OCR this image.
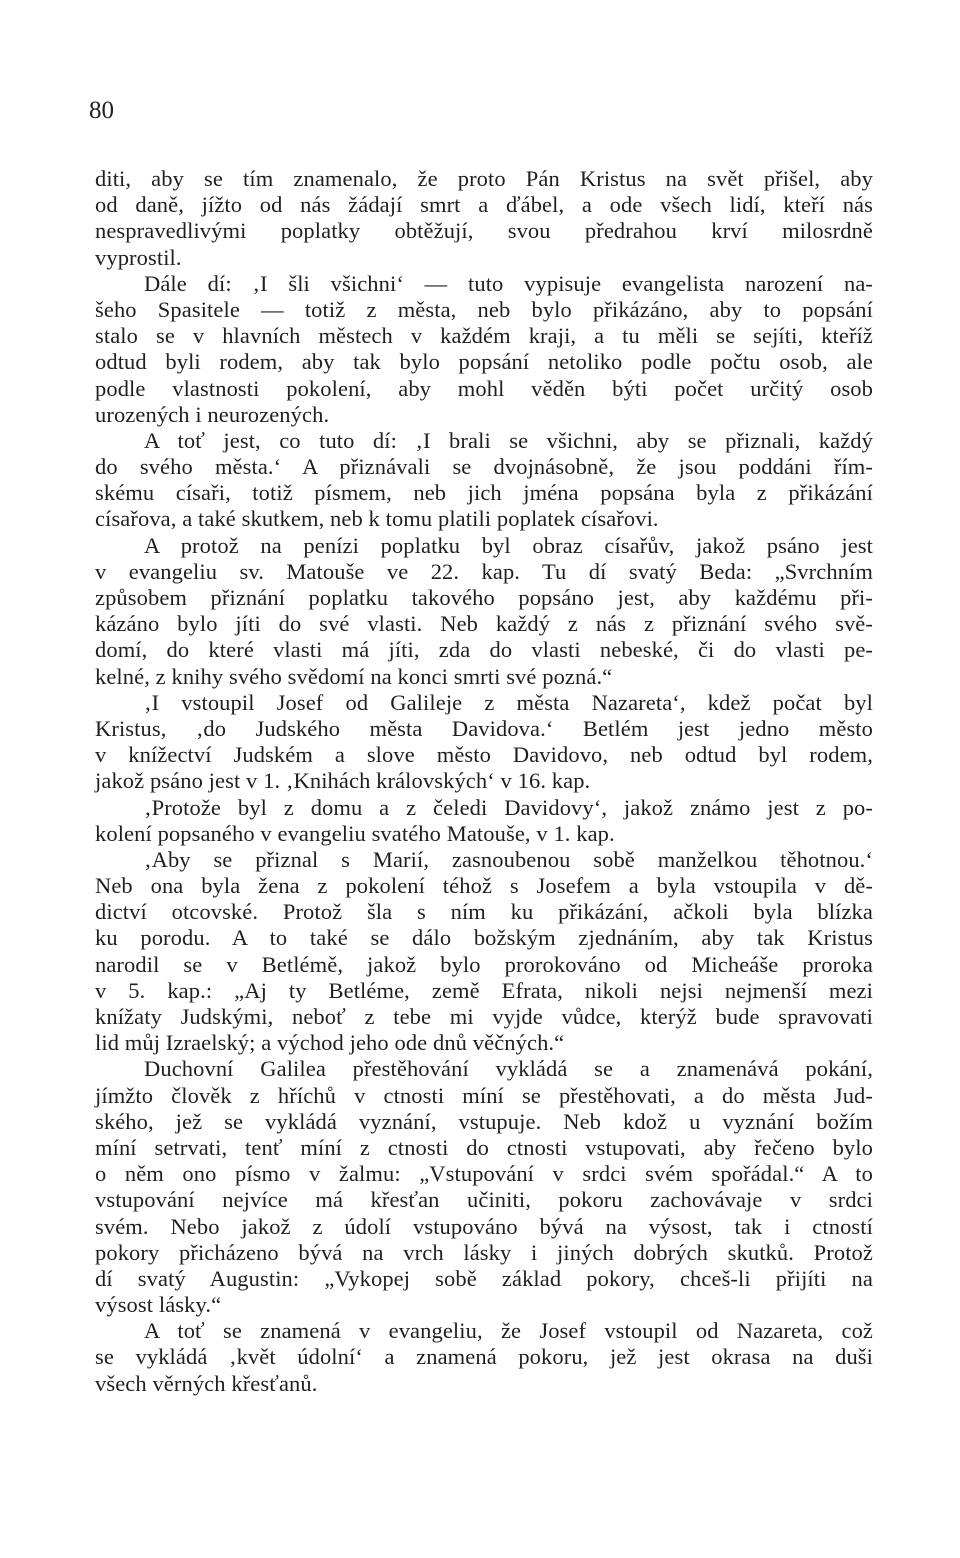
80
diti, aby se tím znamenalo, že proto Pán Kristus na svět přišel, aby
od daně, jížto od nás žádají smrt a ďábel, a ode všech lidí, kteří nás
nespravedlivými poplatky obtěžují, svou předrahou krví milosrdně
vyprostil.
Dále dí: ‚I šli všichni‘ — tuto vypisuje evangelista narození na-
šeho Spasitele — totiž z města, neb bylo přikázáno, aby to popsání
stalo se v hlavních městech v každém kraji, a tu měli se sejíti, kteříž
odtud byli rodem, aby tak bylo popsání netoliko podle počtu osob, ale
podle vlastnosti pokolení, aby mohl věděn býti počet určitý osob
urozených i neurozených.
A toť jest, co tuto dí: ‚I brali se všichni, aby se přiznali, každý
do svého města.‘ A přiznávali se dvojnásobně, že jsou poddáni řím-
skému císaři, totiž písmem, neb jich jména popsána byla z přikázání
císařova, a také skutkem, neb k tomu platili poplatek císařovi.
A protož na penízi poplatku byl obraz císařův, jakož psáno jest
v evangeliu sv. Matouše ve 22. kap. Tu dí svatý Beda: „Svrchním
způsobem přiznání poplatku takového popsáno jest, aby každému při-
kázáno bylo jíti do své vlasti. Neb každý z nás z přiznání svého svě-
domí, do které vlasti má jíti, zda do vlasti nebeské, či do vlasti pe-
kelné, z knihy svého svědomí na konci smrti své pozná.“
‚I vstoupil Josef od Galileje z města Nazareta‘, kdež počat byl
Kristus, ‚do Judského města Davidova.‘ Betlém jest jedno město
v knížectví Judském a slove město Davidovo, neb odtud byl rodem,
jakož psáno jest v 1. ‚Knihách královských‘ v 16. kap.
‚Protože byl z domu a z čeledi Davidovy‘, jakož známo jest z po-
kolení popsaného v evangeliu svatého Matouše, v 1. kap.
‚Aby se přiznal s Marií, zasnoubenou sobě manželkou těhotnou.‘
Neb ona byla žena z pokolení téhož s Josefem a byla vstoupila v dě-
dictví otcovské. Protož šla s ním ku přikázání, ačkoli byla blízka
ku porodu. A to také se dálo božským zjednáním, aby tak Kristus
narodil se v Betlémě, jakož bylo prorokováno od Micheáše proroka
v 5. kap.: „Aj ty Betléme, země Efrata, nikoli nejsi nejmenší mezi
knížaty Judskými, neboť z tebe mi vyjde vůdce, kterýž bude spravovati
lid můj Izraelský; a východ jeho ode dnů věčných.“
Duchovní Galilea přestěhování vykládá se a znamenává pokání,
jímžto člověk z hříchů v ctnosti míní se přestěhovati, a do města Jud-
ského, jež se vykládá vyznání, vstupuje. Neb kdož u vyznání božím
míní setrvati, tenť míní z ctnosti do ctnosti vstupovati, aby řečeno bylo
o něm ono písmo v žalmu: „Vstupování v srdci svém spořádal.“ A to
vstupování nejvíce má křesťan učiniti, pokoru zachovávaje v srdci
svém. Nebo jakož z údolí vstupováno bývá na výsost, tak i ctností
pokory přicházeno bývá na vrch lásky i jiných dobrých skutků. Protož
dí svatý Augustin: „Vykopej sobě základ pokory, chceš-li přijíti na
výsost lásky.“
A toť se znamená v evangeliu, že Josef vstoupil od Nazareta, což
se vykládá ‚květ údolní‘ a znamená pokoru, jež jest okrasa na duši
všech věrných křesťanů.
